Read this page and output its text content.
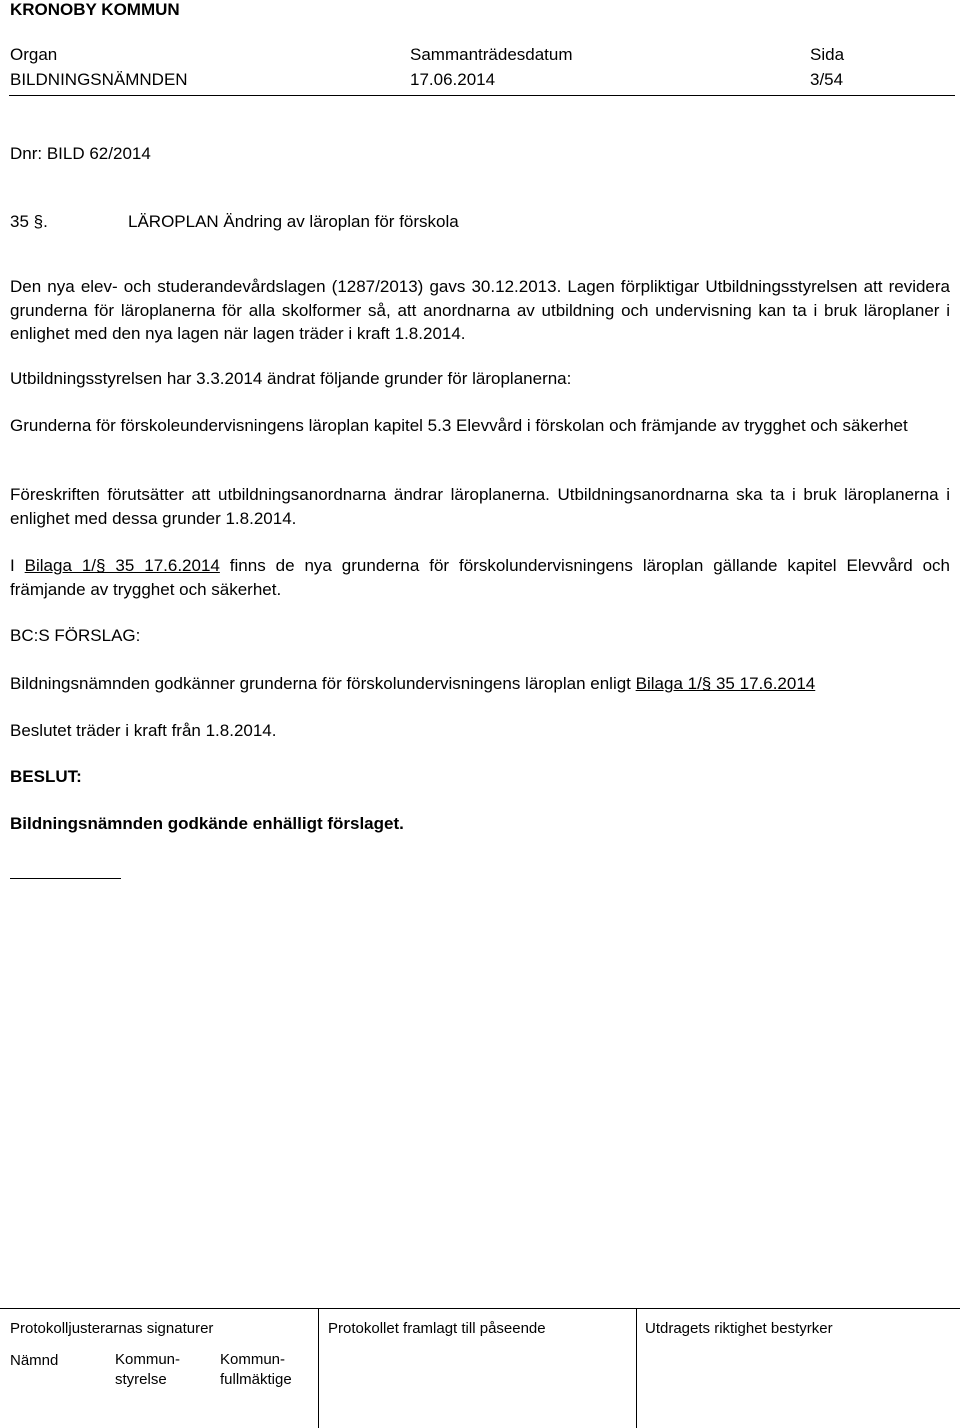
KRONOBY KOMMUN
Organ	Sammanträdesdatum	Sida
BILDNINGSNÄMNDEN	17.06.2014	3/54
Dnr: BILD 62/2014
35 §.	LÄROPLAN Ändring av läroplan för förskola
Den nya elev- och studerandevårdslagen (1287/2013) gavs 30.12.2013. Lagen förpliktigar Utbildningsstyrelsen att revidera grunderna för läroplanerna för alla skolformer så, att anordnarna av utbildning och undervisning kan ta i bruk läroplaner i enlighet med den nya lagen när lagen träder i kraft 1.8.2014.
Utbildningsstyrelsen har 3.3.2014 ändrat följande grunder för läroplanerna:
Grunderna för förskoleundervisningens läroplan kapitel 5.3 Elevvård i förskolan och främjande av trygghet och säkerhet
Föreskriften förutsätter att utbildningsanordnarna ändrar läroplanerna. Utbildningsanordnarna ska ta i bruk läroplanerna i enlighet med dessa grunder 1.8.2014.
I Bilaga 1/§ 35 17.6.2014 finns de nya grunderna för förskolundervisningens läroplan gällande kapitel Elevvård och främjande av trygghet och säkerhet.
BC:S FÖRSLAG:
Bildningsnämnden godkänner grunderna för förskolundervisningens läroplan enligt Bilaga 1/§ 35 17.6.2014
Beslutet träder i kraft från 1.8.2014.
BESLUT:
Bildningsnämnden godkände enhälligt förslaget.
Protokolljusterarnas signaturer	Protokollet framlagt till påseende	Utdragets riktighet bestyrker
Nämnd	Kommun-styrelse
Kommun-fullmäktige
